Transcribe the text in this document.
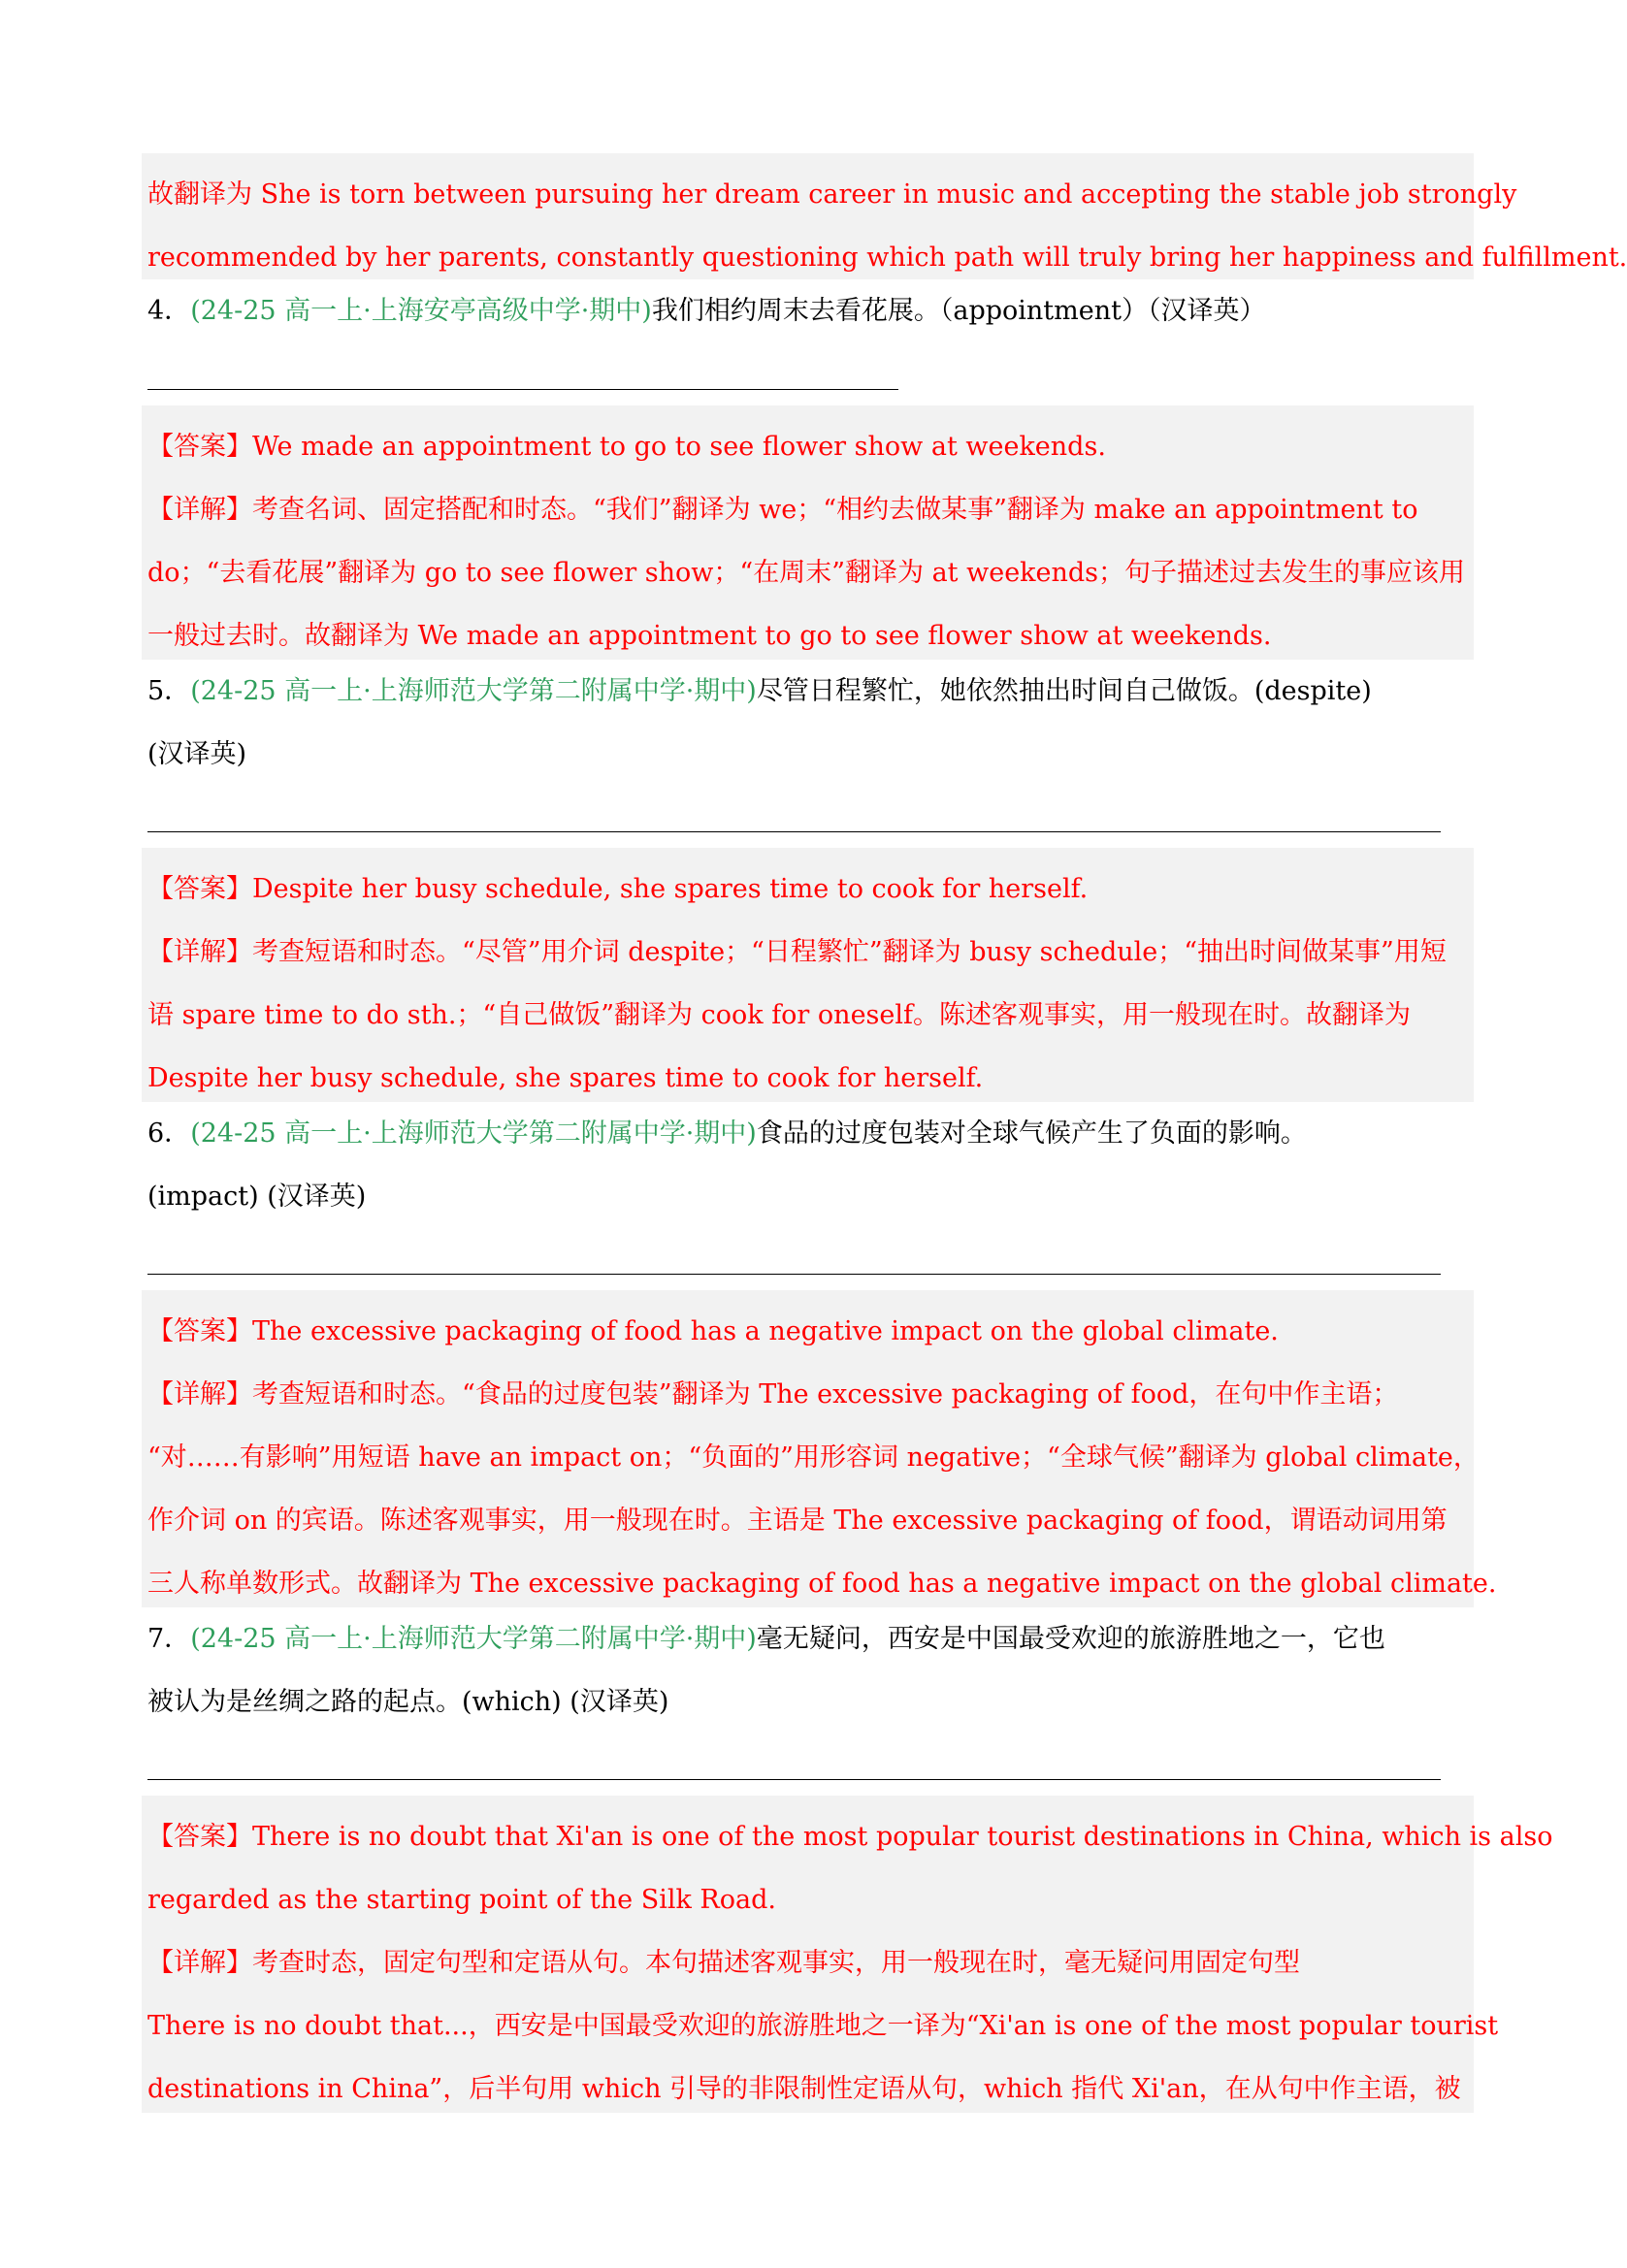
故翻译为 She is torn between pursuing her dream career in music and accepting the stable job strongly
recommended by her parents, constantly questioning which path will truly bring her happiness and fulfillment.
4．(24-25 高一上·上海安亭高级中学·期中)我们相约周末去看花展。（appointment）（汉译英）
【答案】We made an appointment to go to see flower show at weekends.
【详解】考查名词、固定搭配和时态。“我们”翻译为 we；“相约去做某事”翻译为 make an appointment to
do；“去看花展”翻译为 go to see flower show；“在周末”翻译为 at weekends；句子描述过去发生的事应该用
一般过去时。故翻译为 We made an appointment to go to see flower show at weekends.
5．(24-25 高一上·上海师范大学第二附属中学·期中)尽管日程繁忙，她依然抽出时间自己做饭。(despite)
(汉译英)
【答案】Despite her busy schedule, she spares time to cook for herself.
【详解】考查短语和时态。“尽管”用介词 despite；“日程繁忙”翻译为 busy schedule；“抽出时间做某事”用短
语 spare time to do sth.；“自己做饭”翻译为 cook for oneself。陈述客观事实，用一般现在时。故翻译为
Despite her busy schedule, she spares time to cook for herself.
6．(24-25 高一上·上海师范大学第二附属中学·期中)食品的过度包装对全球气候产生了负面的影响。
(impact) (汉译英)
【答案】The excessive packaging of food has a negative impact on the global climate.
【详解】考查短语和时态。“食品的过度包装”翻译为 The excessive packaging of food，在句中作主语；
“对……有影响”用短语 have an impact on；“负面的”用形容词 negative；“全球气候”翻译为 global climate，
作介词 on 的宾语。陈述客观事实，用一般现在时。主语是 The excessive packaging of food，谓语动词用第
三人称单数形式。故翻译为 The excessive packaging of food has a negative impact on the global climate.
7．(24-25 高一上·上海师范大学第二附属中学·期中)毫无疑问，西安是中国最受欢迎的旅游胜地之一，它也
被认为是丝绸之路的起点。(which) (汉译英)
【答案】There is no doubt that Xi'an is one of the most popular tourist destinations in China, which is also
regarded as the starting point of the Silk Road.
【详解】考查时态，固定句型和定语从句。本句描述客观事实，用一般现在时，毫无疑问用固定句型
There is no doubt that...，西安是中国最受欢迎的旅游胜地之一译为“Xi'an is one of the most popular tourist
destinations in China”，后半句用 which 引导的非限制性定语从句，which 指代 Xi'an，在从句中作主语，被
